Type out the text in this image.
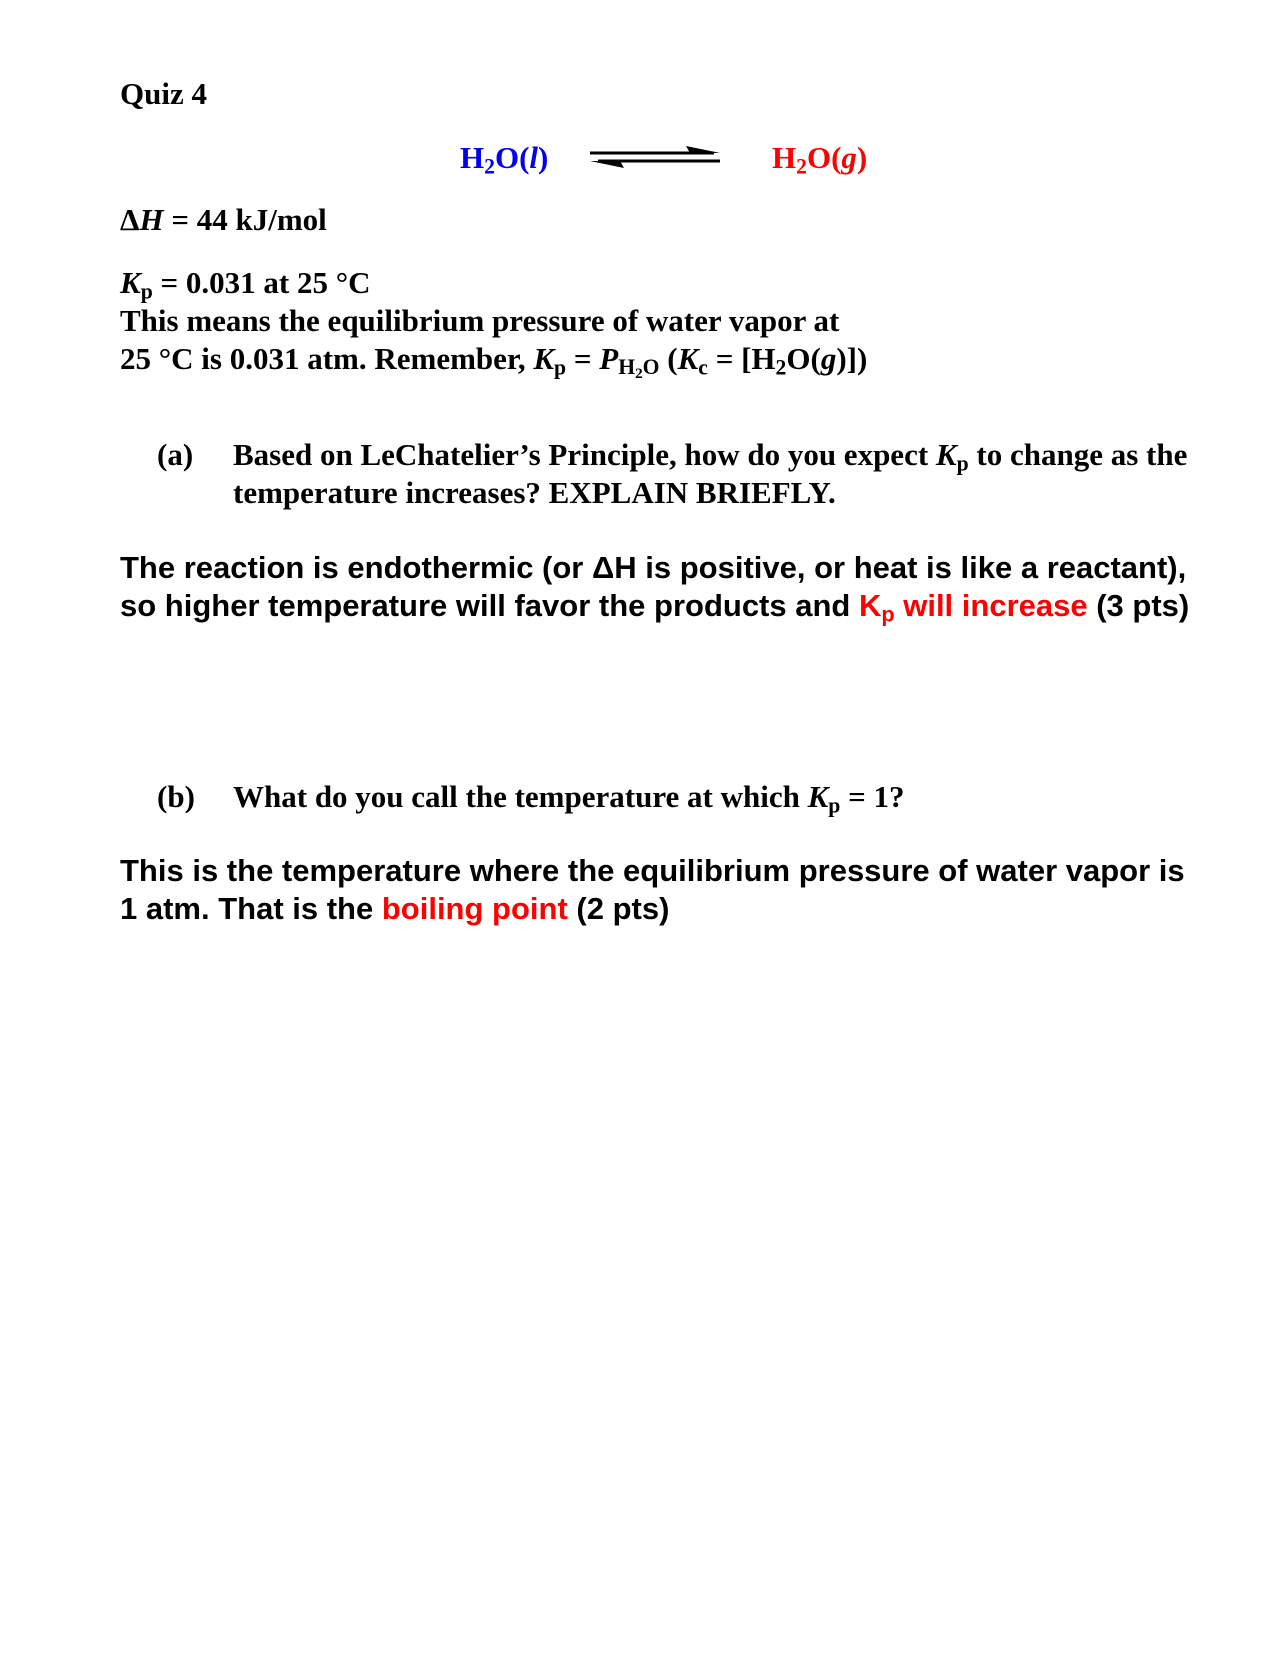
Quiz 4
$H_2O(l)$	$H_2O(g)$
ΔH = 44 kJ/mol
$K_p = 0.031$ at 25 °C
This means the equilibrium pressure of water vapor at
25 °C is 0.031 atm. Remember, $K_p = P_{H_2O}$ $(K_c = [H_2O(g)])$
(a) Based on LeChatelier’s Principle, how do you expect $K_p$ to change as the temperature increases? EXPLAIN BRIEFLY.
The reaction is endothermic (or ΔH is positive, or heat is like a reactant), so higher temperature will favor the products and $K_p$ will increase (3 pts)
(b) What do you call the temperature at which $K_p = 1$?
This is the temperature where the equilibrium pressure of water vapor is 1 atm. That is the boiling point (2 pts)
